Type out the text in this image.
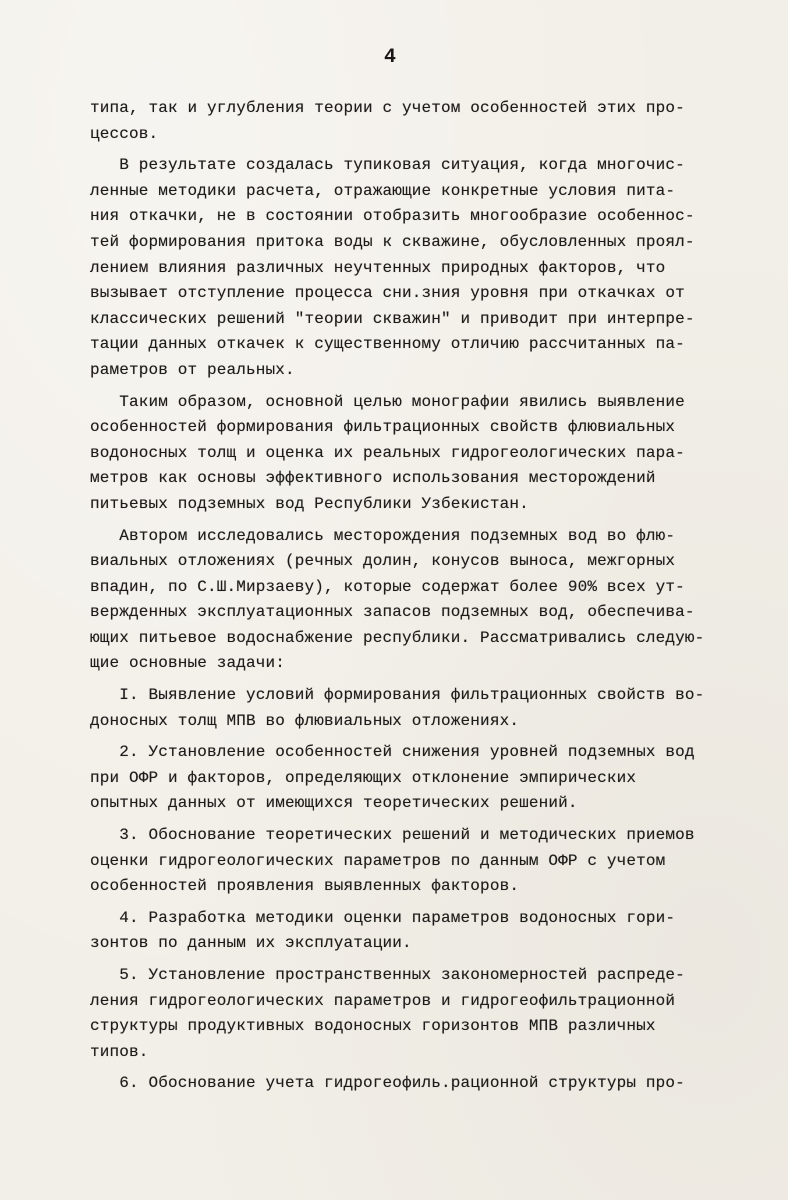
4
типа, так и углубления теории с учетом особенностей этих про-
цессов.
В результате создалась тупиковая ситуация, когда многочис-
ленные методики расчета, отражающие конкретные условия пита-
ния откачки, не в состоянии отобразить многообразие особеннос-
тей формирования притока воды к скважине, обусловленных проял-
лением влияния различных неучтенных природных факторов, что
вызывает отступление процесса сни.зния уровня при откачках от
классических решений "теории скважин" и приводит при интерпре-
тации данных откачек к существенному отличию рассчитанных па-
раметров от реальных.
Таким образом, основной целью монографии явились выявление
особенностей формирования фильтрационных свойств флювиальных
водоносных толщ и оценка их реальных гидрогеологических пара-
метров как основы эффективного использования месторождений
питьевых подземных вод Республики Узбекистан.
Автором исследовались месторождения подземных вод во флю-
виальных отложениях (речных долин, конусов выноса, межгорных
впадин, по С.Ш.Мирзаеву), которые содержат более 90% всех ут-
вержденных эксплуатационных запасов подземных вод, обеспечива-
ющих питьевое водоснабжение республики. Рассматривались следую-
щие основные задачи:
I. Выявление условий формирования фильтрационных свойств во-
доносных толщ МПВ во флювиальных отложениях.
2. Установление особенностей снижения уровней подземных вод
при ОФР и факторов, определяющих отклонение эмпирических
опытных данных от имеющихся теоретических решений.
3. Обоснование теоретических решений и методических приемов
оценки гидрогеологических параметров по данным ОФР с учетом
особенностей проявления выявленных факторов.
4. Разработка методики оценки параметров водоносных гори-
зонтов по данным их эксплуатации.
5. Установление пространственных закономерностей распреде-
ления гидрогеологических параметров и гидрогеофильтрационной
структуры продуктивных водоносных горизонтов МПВ различных
типов.
6. Обоснование учета гидрогеофиль.рационной структуры про-
